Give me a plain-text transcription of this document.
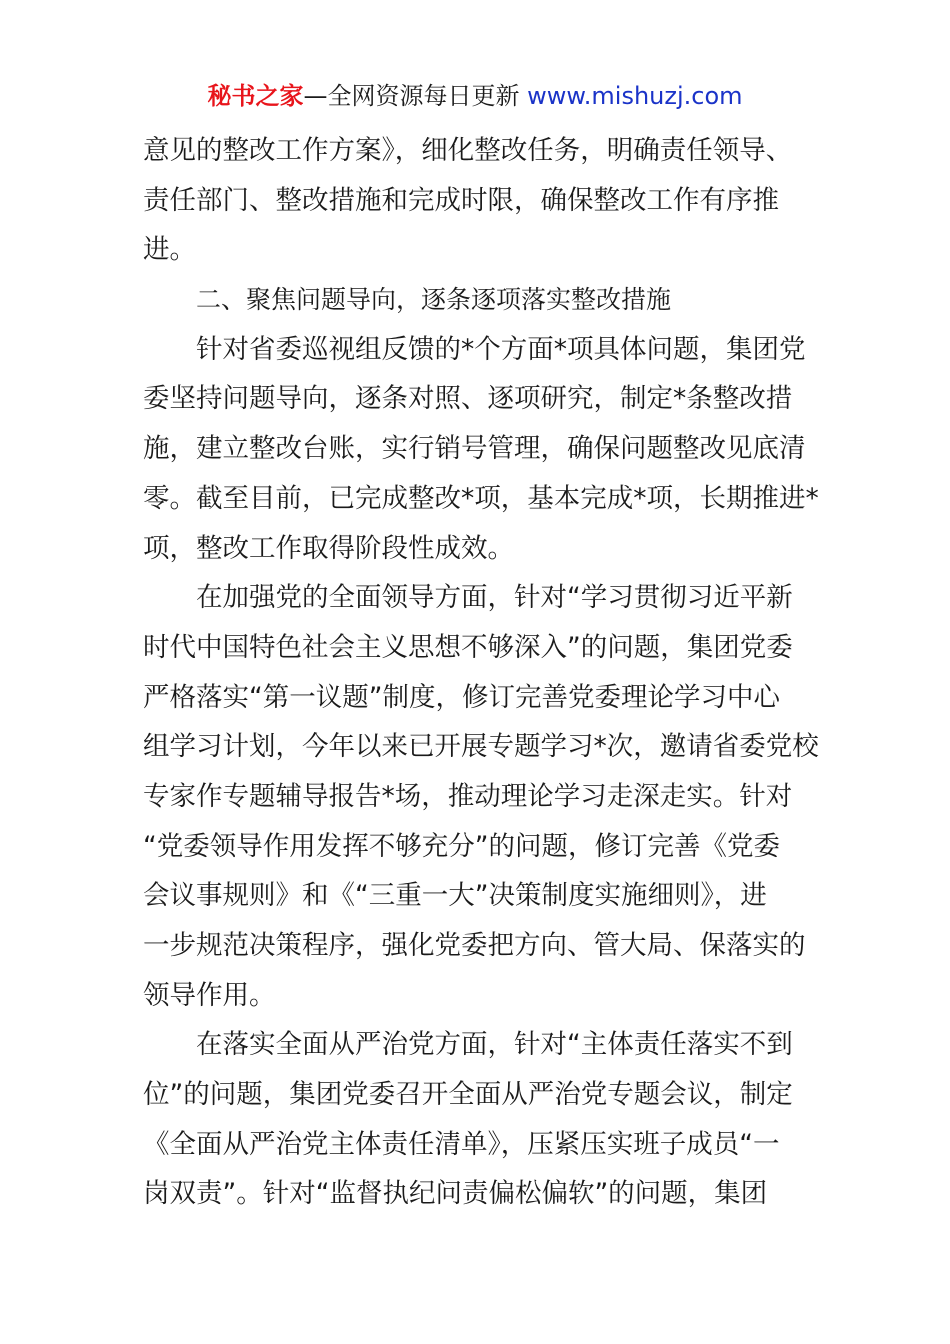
秘书之家—全网资源每日更新 www.mishuzj.com
意见的整改工作方案》，细化整改任务，明确责任领导、
责任部门、整改措施和完成时限，确保整改工作有序推
进。
二、聚焦问题导向，逐条逐项落实整改措施
针对省委巡视组反馈的*个方面*项具体问题，集团党
委坚持问题导向，逐条对照、逐项研究，制定*条整改措
施，建立整改台账，实行销号管理，确保问题整改见底清
零。截至目前，已完成整改*项，基本完成*项，长期推进*
项，整改工作取得阶段性成效。
在加强党的全面领导方面，针对“学习贯彻习近平新
时代中国特色社会主义思想不够深入”的问题，集团党委
严格落实“第一议题”制度，修订完善党委理论学习中心
组学习计划，今年以来已开展专题学习*次，邀请省委党校
专家作专题辅导报告*场，推动理论学习走深走实。针对
“党委领导作用发挥不够充分”的问题，修订完善《党委
会议事规则》和《“三重一大”决策制度实施细则》，进
一步规范决策程序，强化党委把方向、管大局、保落实的
领导作用。
在落实全面从严治党方面，针对“主体责任落实不到
位”的问题，集团党委召开全面从严治党专题会议，制定
《全面从严治党主体责任清单》，压紧压实班子成员“一
岗双责”。针对“监督执纪问责偏松偏软”的问题，集团
